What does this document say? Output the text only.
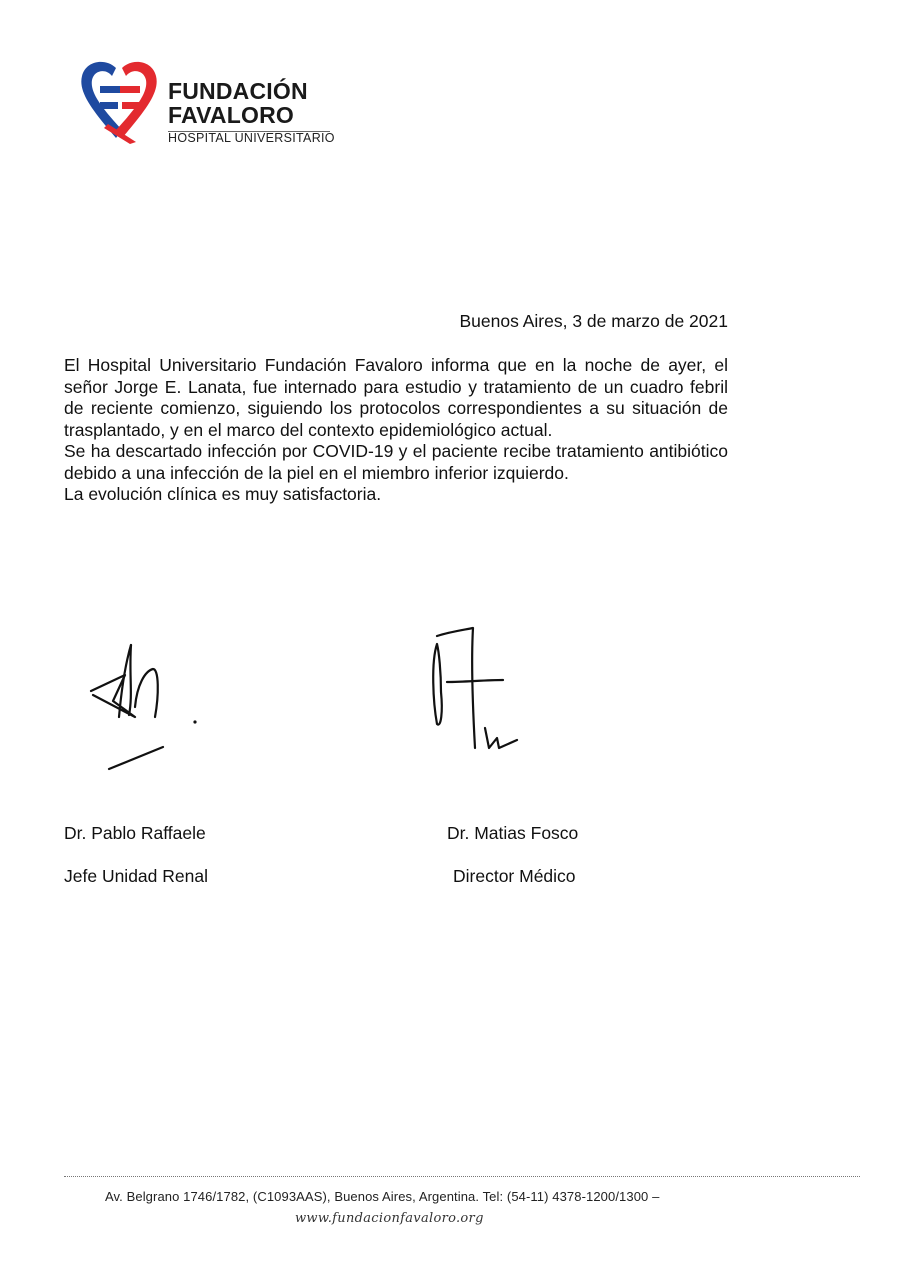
FUNDACIÓN
FAVALORO
HOSPITAL UNIVERSITARIO
Buenos Aires, 3 de marzo de 2021

El Hospital Universitario Fundación Favaloro informa que en la noche de ayer, el señor Jorge E. Lanata, fue internado para estudio y tratamiento de un cuadro febril de reciente comienzo, siguiendo los protocolos correspondientes a su situación de trasplantado, y en el marco del contexto epidemiológico actual.

Se ha descartado infección por COVID-19 y el paciente recibe tratamiento antibiótico debido a una infección de la piel en el miembro inferior izquierdo.

La evolución clínica es muy satisfactoria.

Dr. Pablo Raffaele
Jefe Unidad Renal
Dr. Matias Fosco
Director Médico
Av. Belgrano 1746/1782, (C1093AAS), Buenos Aires, Argentina. Tel: (54-11) 4378-1200/1300 –
www.fundacionfavaloro.org
